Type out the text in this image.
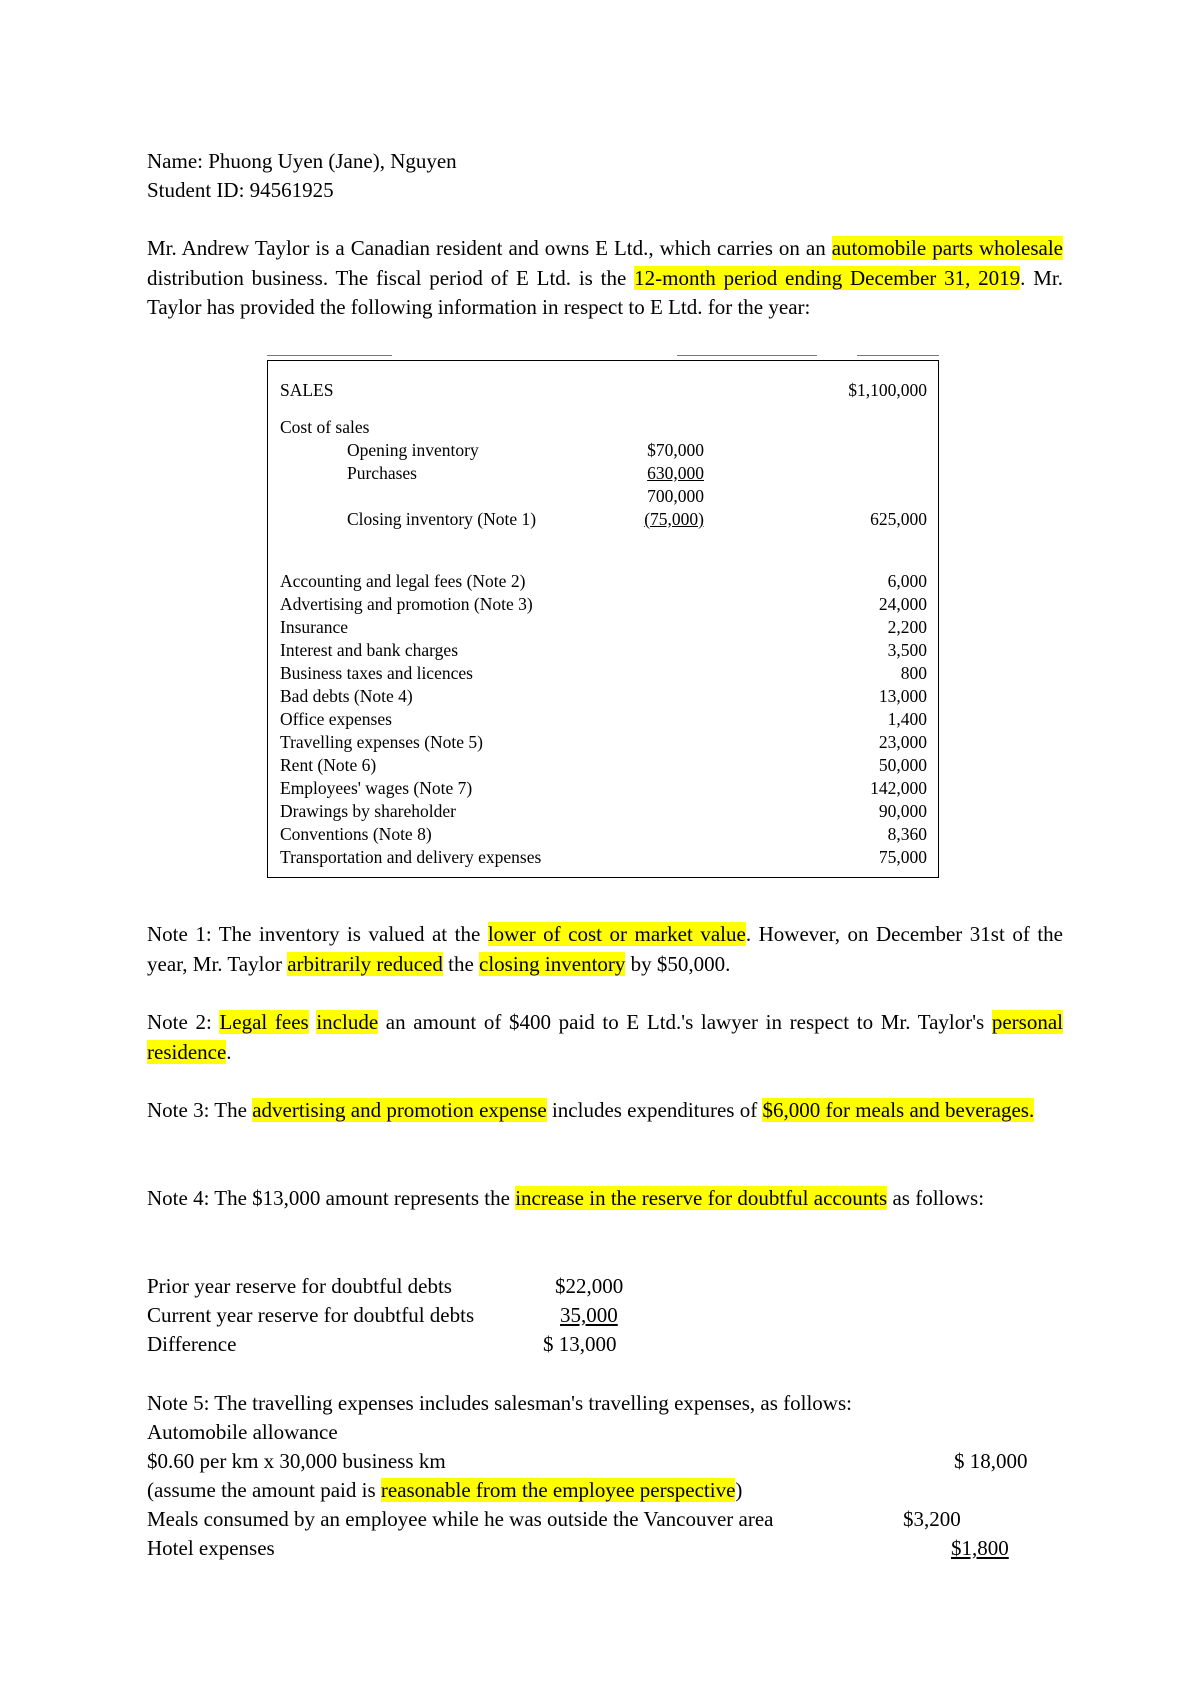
Name: Phuong Uyen (Jane), Nguyen
Student ID: 94561925
Mr. Andrew Taylor is a Canadian resident and owns E Ltd., which carries on an automobile parts wholesale distribution business. The fiscal period of E Ltd. is the 12-month period ending December 31, 2019. Mr. Taylor has provided the following information in respect to E Ltd. for the year:
SALES	$1,100,000
Cost of sales
Opening inventory	$70,000
Purchases	630,000
700,000
Closing inventory (Note 1)	(75,000)	625,000
Accounting and legal fees (Note 2)	6,000
Advertising and promotion (Note 3)	24,000
Insurance	2,200
Interest and bank charges	3,500
Business taxes and licences	800
Bad debts (Note 4)	13,000
Office expenses	1,400
Travelling expenses (Note 5)	23,000
Rent (Note 6)	50,000
Employees' wages (Note 7)	142,000
Drawings by shareholder	90,000
Conventions (Note 8)	8,360
Transportation and delivery expenses	75,000
Note 1: The inventory is valued at the lower of cost or market value. However, on December 31st of the year, Mr. Taylor arbitrarily reduced the closing inventory by $50,000.
Note 2: Legal fees include an amount of $400 paid to E Ltd.'s lawyer in respect to Mr. Taylor's personal residence.
Note 3: The advertising and promotion expense includes expenditures of $6,000 for meals and beverages.
Note 4: The $13,000 amount represents the increase in the reserve for doubtful accounts as follows:
Prior year reserve for doubtful debts	$22,000
Current year reserve for doubtful debts	35,000
Difference	$ 13,000
Note 5: The travelling expenses includes salesman's travelling expenses, as follows:
Automobile allowance
$0.60 per km x 30,000 business km	$ 18,000
(assume the amount paid is reasonable from the employee perspective)
Meals consumed by an employee while he was outside the Vancouver area	$3,200
Hotel expenses	$1,800
